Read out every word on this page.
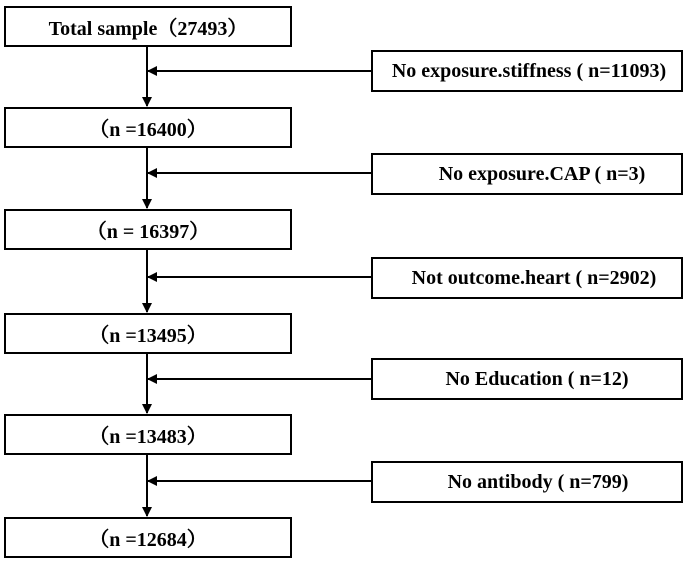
Total sample（27493）
（n =16400）
（n = 16397）
（n =13495）
（n =13483）
（n =12684）
No exposure.stiffness ( n=11093)
No exposure.CAP ( n=3)
Not outcome.heart ( n=2902)
No Education ( n=12)
No antibody ( n=799)
